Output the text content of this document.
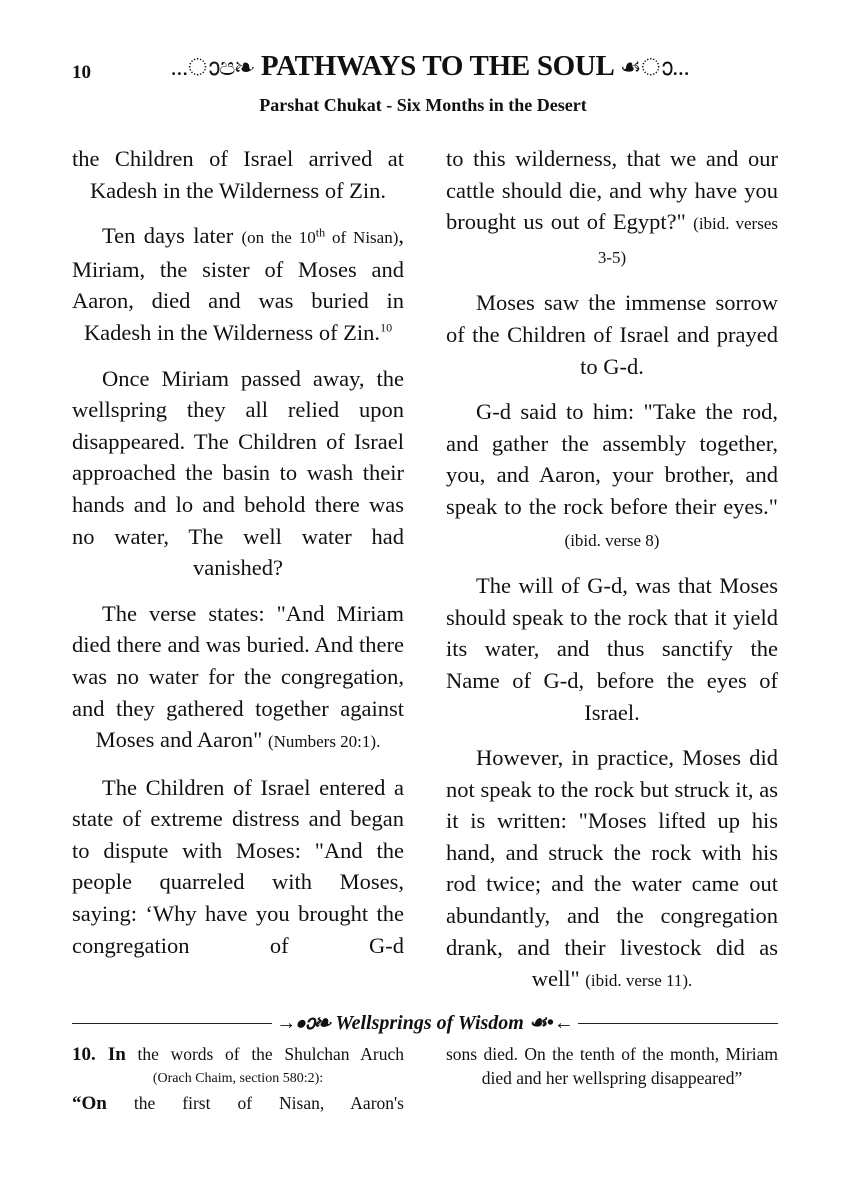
10	...ാප❧ PATHWAYS TO THE SOUL ☙ാ...
Parshat Chukat - Six Months in the Desert

the Children of Israel arrived at Kadesh in the Wilderness of Zin.

Ten days later (on the 10th of Nisan), Miriam, the sister of Moses and Aaron, died and was buried in Kadesh in the Wilderness of Zin.$^{10}$

Once Miriam passed away, the wellspring they all relied upon disappeared. The Children of Israel approached the basin to wash their hands and lo and behold there was no water, The well water had vanished?

The verse states: "And Miriam died there and was buried. And there was no water for the congregation, and they gathered together against Moses and Aaron" (Numbers 20:1).

The Children of Israel entered a state of extreme distress and began to dispute with Moses: "And the people quarreled with Moses, saying: ‘Why have you brought the congregation of G-d

to this wilderness, that we and our cattle should die, and why have you brought us out of Egypt?" (ibid. verses 3-5)

Moses saw the immense sorrow of the Children of Israel and prayed to G-d.

G-d said to him: "Take the rod, and gather the assembly together, you, and Aaron, your brother, and speak to the rock before their eyes." (ibid. verse 8)

The will of G-d, was that Moses should speak to the rock that it yield its water, and thus sanctify the Name of G-d, before the eyes of Israel.

However, in practice, Moses did not speak to the rock but struck it, as it is written: "Moses lifted up his hand, and struck the rock with his rod twice; and the water came out abundantly, and the congregation drank, and their livestock did as well" (ibid. verse 11).

→•ാ❧ Wellsprings of Wisdom ☙•←

10. In the words of the Shulchan Aruch

(Orach Chaim, section 580:2):

“On the first of Nisan, Aaron's

sons died. On the tenth of the month, Miriam died and her wellspring disappeared”
